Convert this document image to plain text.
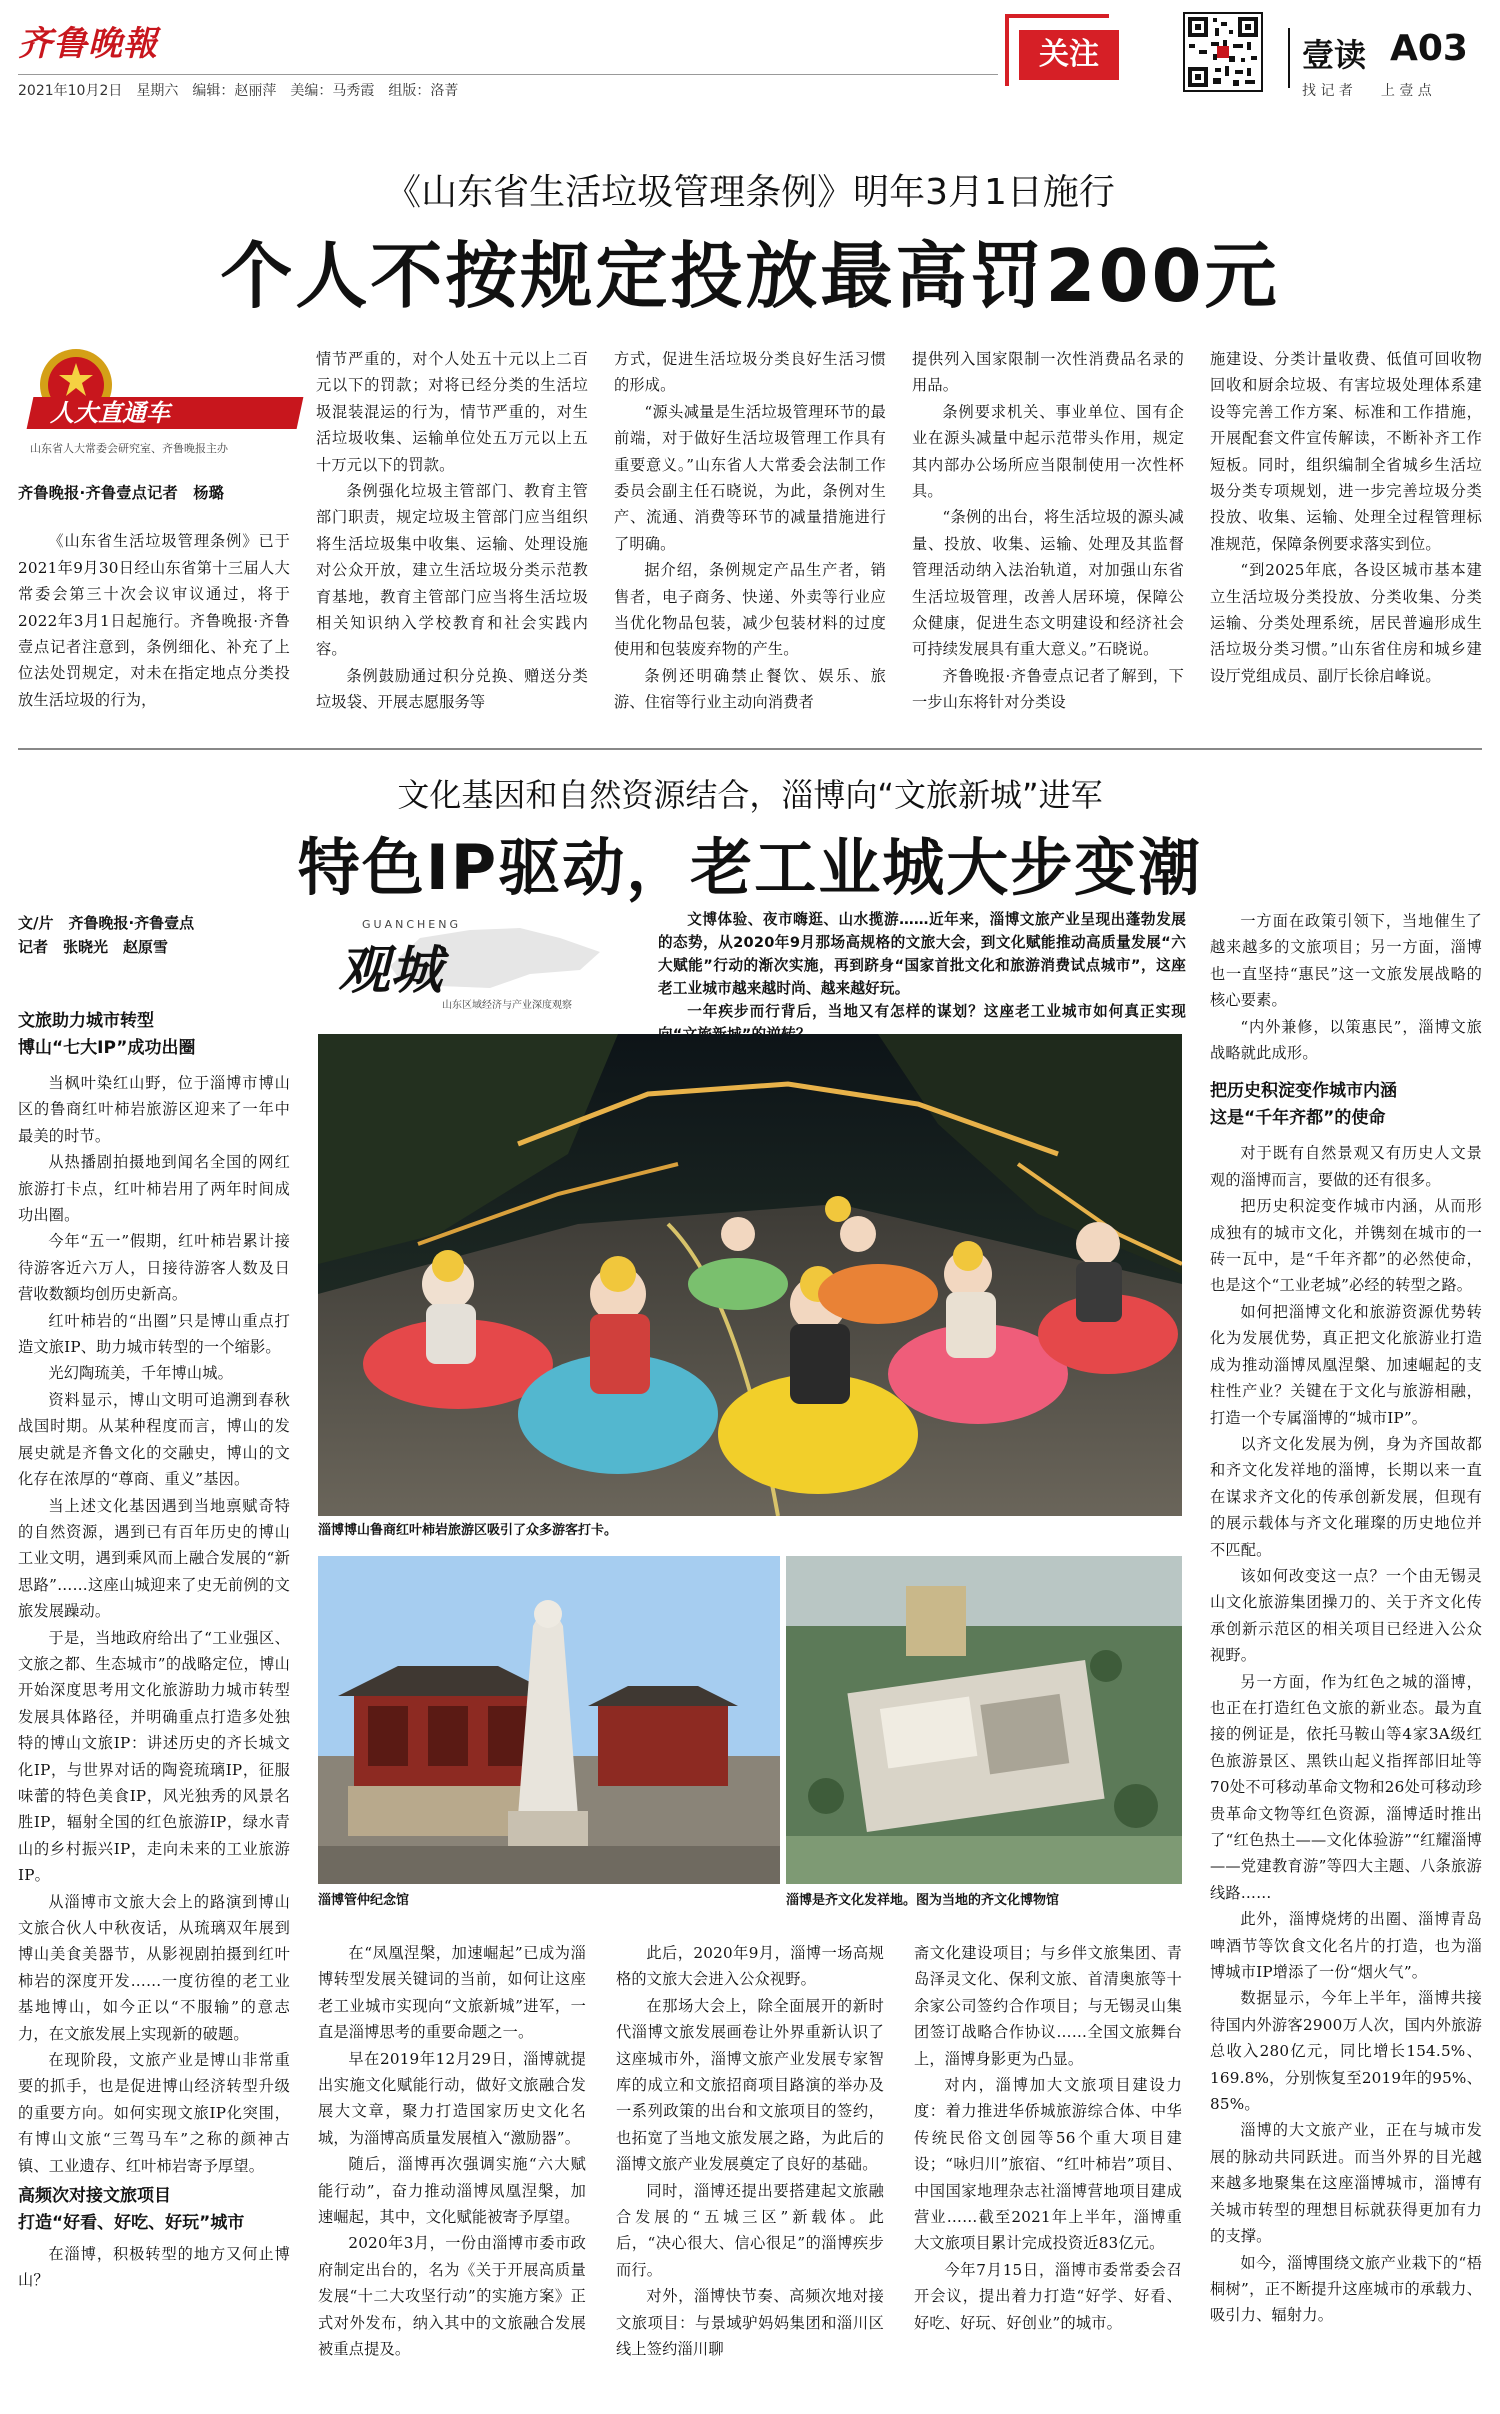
齐鲁晚報
2021年10月2日　星期六　编辑：赵丽萍　美编：马秀霞　组版：洛菁
关注	壹读 A03
找 记 者　　上 壹 点
《山东省生活垃圾管理条例》明年3月1日施行
个人不按规定投放最高罚200元
人大直通车
山东省人大常委会研究室、齐鲁晚报主办

齐鲁晚报·齐鲁壹点记者　杨璐

《山东省生活垃圾管理条例》已于2021年9月30日经山东省第十三届人大常委会第三十次会议审议通过，将于2022年3月1日起施行。齐鲁晚报·齐鲁壹点记者注意到，条例细化、补充了上位法处罚规定，对未在指定地点分类投放生活垃圾的行为，

情节严重的，对个人处五十元以上二百元以下的罚款；对将已经分类的生活垃圾混装混运的行为，情节严重的，对生活垃圾收集、运输单位处五万元以上五十万元以下的罚款。

条例强化垃圾主管部门、教育主管部门职责，规定垃圾主管部门应当组织将生活垃圾集中收集、运输、处理设施对公众开放，建立生活垃圾分类示范教育基地，教育主管部门应当将生活垃圾相关知识纳入学校教育和社会实践内容。

条例鼓励通过积分兑换、赠送分类垃圾袋、开展志愿服务等

方式，促进生活垃圾分类良好生活习惯的形成。

“源头减量是生活垃圾管理环节的最前端，对于做好生活垃圾管理工作具有重要意义。”山东省人大常委会法制工作委员会副主任石晓说，为此，条例对生产、流通、消费等环节的减量措施进行了明确。

据介绍，条例规定产品生产者，销售者，电子商务、快递、外卖等行业应当优化物品包装，减少包装材料的过度使用和包装废弃物的产生。

条例还明确禁止餐饮、娱乐、旅游、住宿等行业主动向消费者

提供列入国家限制一次性消费品名录的用品。

条例要求机关、事业单位、国有企业在源头减量中起示范带头作用，规定其内部办公场所应当限制使用一次性杯具。

“条例的出台，将生活垃圾的源头减量、投放、收集、运输、处理及其监督管理活动纳入法治轨道，对加强山东省生活垃圾管理，改善人居环境，保障公众健康，促进生态文明建设和经济社会可持续发展具有重大意义。”石晓说。

齐鲁晚报·齐鲁壹点记者了解到，下一步山东将针对分类设

施建设、分类计量收费、低值可回收物回收和厨余垃圾、有害垃圾处理体系建设等完善工作方案、标准和工作措施，开展配套文件宣传解读，不断补齐工作短板。同时，组织编制全省城乡生活垃圾分类专项规划，进一步完善垃圾分类投放、收集、运输、处理全过程管理标准规范，保障条例要求落实到位。

“到2025年底，各设区城市基本建立生活垃圾分类投放、分类收集、分类运输、分类处理系统，居民普遍形成生活垃圾分类习惯。”山东省住房和城乡建设厅党组成员、副厅长徐启峰说。

文化基因和自然资源结合，淄博向“文旅新城”进军
特色IP驱动，老工业城大步变潮
文/片　齐鲁晚报·齐鲁壹点
记者　张晓光　赵原雪
GUANCHENG
观城
山东区域经济与产业深度观察

文博体验、夜市嗨逛、山水揽游……近年来，淄博文旅产业呈现出蓬勃发展的态势，从2020年9月那场高规格的文旅大会，到文化赋能推动高质量发展“六大赋能”行动的渐次实施，再到跻身“国家首批文化和旅游消费试点城市”，这座老工业城市越来越时尚、越来越好玩。

一年疾步而行背后，当地又有怎样的谋划？这座老工业城市如何真正实现

文旅助力城市转型
博山“七大IP”成功出圈

当枫叶染红山野，位于淄博市博山区的鲁商红叶柿岩旅游区迎来了一年中最美的时节。

从热播剧拍摄地到闻名全国的网红旅游打卡点，红叶柿岩用了两年时间成功出圈。

今年“五一”假期，红叶柿岩累计接待游客近六万人，日接待游客人数及日营收数额均创历史新高。

红叶柿岩的“出圈”只是博山重点打造文旅IP、助力城市转型的一个缩影。

光幻陶琉美，千年博山城。

资料显示，博山文明可追溯到春秋战国时期。从某种程度而言，博山的发展史就是齐鲁文化的交融史，博山的文化存在浓厚的“尊商、重义”基因。

当上述文化基因遇到当地禀赋奇特的自然资源，遇到已有百年历史的博山工业文明，遇到乘风而上融合发展的“新思路”……这座山城迎来了史无前例的文旅发展躁动。

于是，当地政府给出了“工业强区、文旅之都、生态城市”的战略定位，博山开始深度思考用文化旅游助力城市转型发展具体路径，并明确重点打造多处独特的博山文旅IP：讲述历史的齐长城文化IP，与世界对话的陶瓷琉璃IP，征服味蕾的特色美食IP，风光独秀的风景名胜IP，辐射全国的红色旅游IP，绿水青山的乡村振兴IP，走向未来的工业旅游IP。

从淄博市文旅大会上的路演到博山文旅合伙人中秋夜话，从琉璃双年展到博山美食美器节，从影视剧拍摄到红叶柿岩的深度开发……一度彷徨的老工业基地博山，如今正以“不服输”的意志力，在文旅发展上实现新的破题。

在现阶段，文旅产业是博山非常重要的抓手，也是促进博山经济转型升级的重要方向。如何实现文旅IP化突围，有博山文旅“三驾马车”之称的颜神古镇、工业遗存、红叶柿岩寄予厚望。

高频次对接文旅项目
打造“好看、好吃、好玩”城市

在淄博，积极转型的地方又何止博山？

淄博博山鲁商红叶柿岩旅游区吸引了众多游客打卡。
淄博管仲纪念馆	淄博是齐文化发祥地。图为当地的齐文化博物馆

在“凤凰涅槃，加速崛起”已成为淄博转型发展关键词的当前，如何让这座老工业城市实现向“文旅新城”进军，一直是淄博思考的重要命题之一。

早在2019年12月29日，淄博就提出实施文化赋能行动，做好文旅融合发展大文章，聚力打造国家历史文化名城，为淄博高质量发展植入“激励器”。

随后，淄博再次强调实施“六大赋能行动”，奋力推动淄博凤凰涅槃，加速崛起，其中，文化赋能被寄予厚望。

2020年3月，一份由淄博市委市政府制定出台的，名为《关于开展高质量发展“十二大攻坚行动”的实施方案》正式对外发布，纳入其中的文旅融合发展被重点提及。

此后，2020年9月，淄博一场高规格的文旅大会进入公众视野。

在那场大会上，除全面展开的新时代淄博文旅发展画卷让外界重新认识了这座城市外，淄博文旅产业发展专家智库的成立和文旅招商项目路演的举办及一系列政策的出台和文旅项目的签约，也拓宽了当地文旅发展之路，为此后的淄博文旅产业发展奠定了良好的基础。

同时，淄博还提出要搭建起文旅融合发展的“五城三区”新载体。此后，“决心很大、信心很足”的淄博疾步而行。

对外，淄博快节奏、高频次地对接文旅项目：与景域驴妈妈集团和淄川区线上签约淄川聊

斋文化建设项目；与乡伴文旅集团、青岛泽灵文化、保利文旅、首清奥旅等十余家公司签约合作项目；与无锡灵山集团签订战略合作协议……全国文旅舞台上，淄博身影更为凸显。

对内，淄博加大文旅项目建设力度：着力推进华侨城旅游综合体、中华传统民俗文创园等56个重大项目建设；“咏归川”旅宿、“红叶柿岩”项目、中国国家地理杂志社淄博营地项目建成营业……截至2021年上半年，淄博重大文旅项目累计完成投资近83亿元。

今年7月15日，淄博市委常委会召开会议，提出着力打造“好学、好看、好吃、好玩、好创业”的城市。

一方面在政策引领下，当地催生了越来越多的文旅项目；另一方面，淄博也一直坚持“惠民”这一文旅发展战略的核心要素。

“内外兼修，以策惠民”，淄博文旅战略就此成形。

把历史积淀变作城市内涵
这是“千年齐都”的使命

对于既有自然景观又有历史人文景观的淄博而言，要做的还有很多。

把历史积淀变作城市内涵，从而形成独有的城市文化，并镌刻在城市的一砖一瓦中，是“千年齐都”的必然使命，也是这个“工业老城”必经的转型之路。

如何把淄博文化和旅游资源优势转化为发展优势，真正把文化旅游业打造成为推动淄博凤凰涅槃、加速崛起的支柱性产业？关键在于文化与旅游相融，打造一个专属淄博的“城市IP”。

以齐文化发展为例，身为齐国故都和齐文化发祥地的淄博，长期以来一直在谋求齐文化的传承创新发展，但现有的展示载体与齐文化璀璨的历史地位并不匹配。

该如何改变这一点？一个由无锡灵山文化旅游集团操刀的、关于齐文化传承创新示范区的相关项目已经进入公众视野。

另一方面，作为红色之城的淄博，也正在打造红色文旅的新业态。最为直接的例证是，依托马鞍山等4家3A级红色旅游景区、黑铁山起义指挥部旧址等70处不可移动革命文物和26处可移动珍贵革命文物等红色资源，淄博适时推出了“红色热土——文化体验游”“红耀淄博——党建教育游”等四大主题、八条旅游线路……

此外，淄博烧烤的出圈、淄博青岛啤酒节等饮食文化名片的打造，也为淄博城市IP增添了一份“烟火气”。

数据显示，今年上半年，淄博共接待国内外游客2900万人次，国内外旅游总收入280亿元，同比增长154.5%、169.8%，分别恢复至2019年的95%、85%。

淄博的大文旅产业，正在与城市发展的脉动共同跃进。而当外界的目光越来越多地聚集在这座淄博城市，淄博有关城市转型的理想目标就获得更加有力的支撑。

如今，淄博围绕文旅产业栽下的“梧桐树”，正不断提升这座城市的承载力、吸引力、辐射力。
